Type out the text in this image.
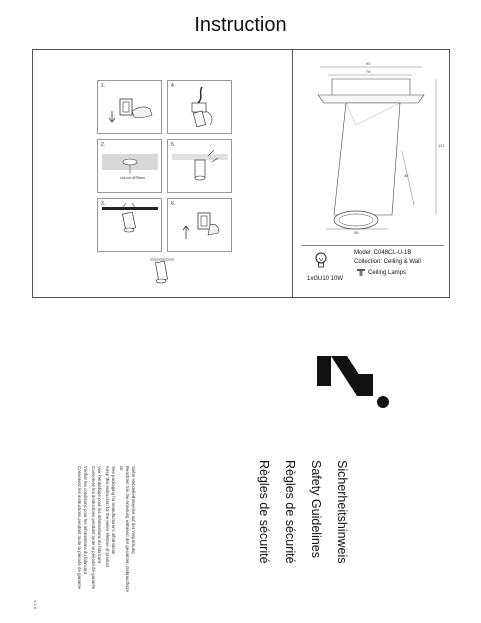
Instruction
1.	4.
2.
cut-out: Ø75mm
5.
3.	6.
90
75
121
36
55
1xGU10 10W
Model: C048CL-U-1B
Collection: Ceiling & Wall
Ceiling Lamps
Sicherheitshinweis
Safety Guidelines
Règles de sécurité
Règles de sécurité
Siehe Herstellerhinweise auf der Verpackung
Beachten Sie die Anleitung während der gesamten Gebrauchsze
ist
See packaging for manufacturer's information
Keep this instruction for the entire lifetime of product
Voir l'emballage pour les informations du fabricant
Conservez les instructions pendant toute la période de garantie
Vérifier les conditions pour les informations du fabricant
Conservez les instructions pendant toute la période de garantie
V 1.0
